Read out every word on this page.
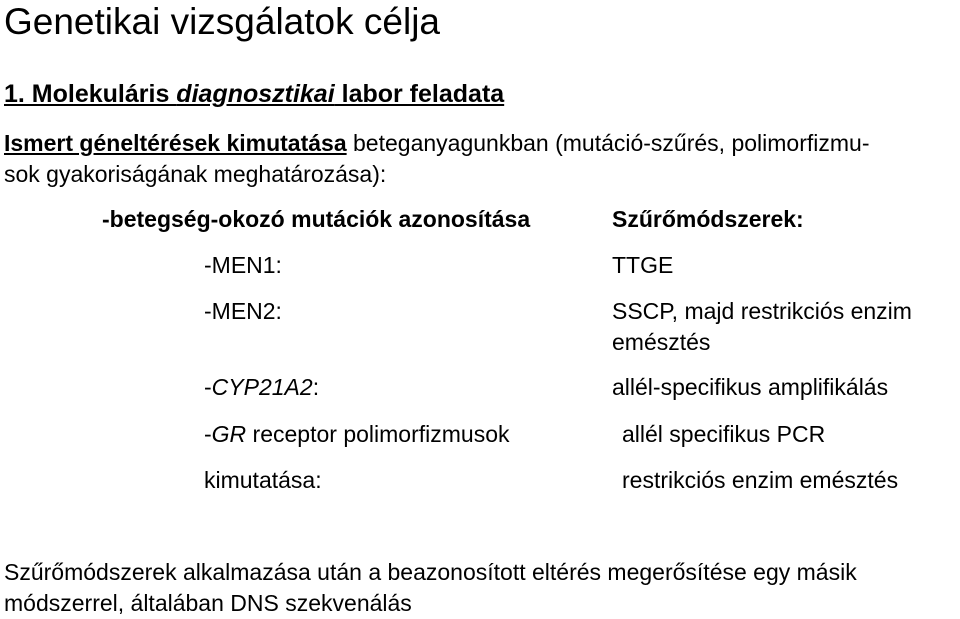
Genetikai vizsgálatok célja
1. Molekuláris diagnosztikai labor feladata
Ismert géneltérések kimutatása beteganyagunkban (mutáció-szűrés, polimorfizmu-
sok gyakoriságának meghatározása):
-betegség-okozó mutációk azonosítása	Szűrőmódszerek:
-MEN1:	TTGE
-MEN2:	SSCP, majd restrikciós enzim
emésztés
-CYP21A2:	allél-specifikus amplifikálás
-GR receptor polimorfizmusok	allél specifikus PCR
kimutatása:	restrikciós enzim emésztés
Szűrőmódszerek alkalmazása után a beazonosított eltérés megerősítése egy másik
módszerrel, általában DNS szekvenálás
